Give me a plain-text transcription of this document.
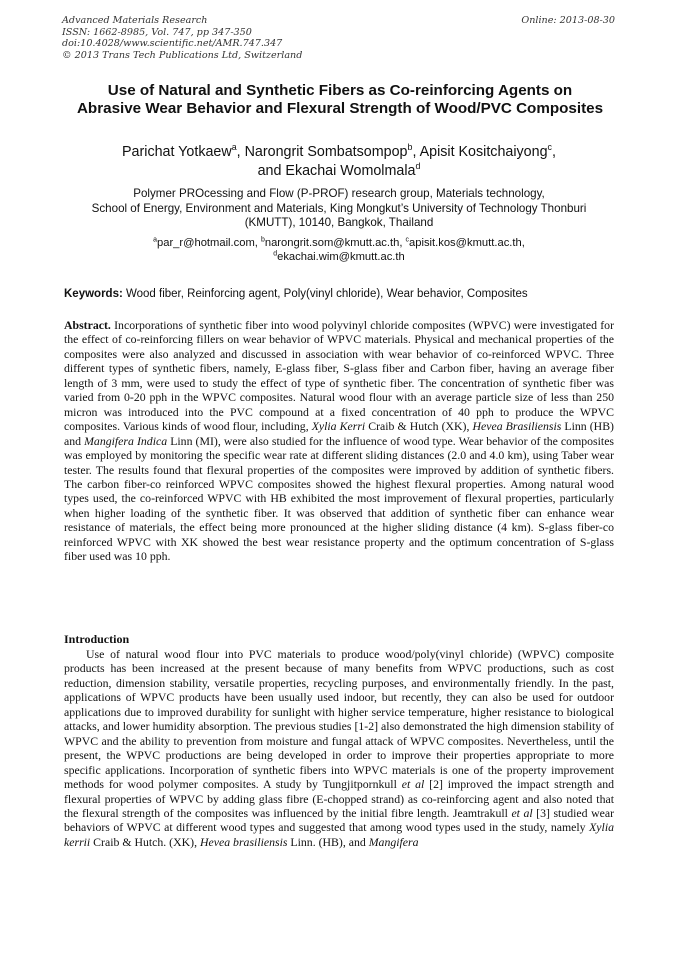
Advanced Materials Research
ISSN: 1662-8985, Vol. 747, pp 347-350
doi:10.4028/www.scientific.net/AMR.747.347
© 2013 Trans Tech Publications Ltd, Switzerland
Online: 2013-08-30
Use of Natural and Synthetic Fibers as Co-reinforcing Agents on Abrasive Wear Behavior and Flexural Strength of Wood/PVC Composites
Parichat Yotkaew$^a$, Narongrit Sombatsompop$^b$, Apisit Kositchaiyong$^c$,
and Ekachai Womolmala$^d$
Polymer PROcessing and Flow (P-PROF) research group, Materials technology,
School of Energy, Environment and Materials, King Mongkut’s University of Technology Thonburi
(KMUTT), 10140, Bangkok, Thailand
$^a$par_r@hotmail.com, $^b$narongrit.som@kmutt.ac.th, $^c$apisit.kos@kmutt.ac.th,
$^d$ekachai.wim@kmutt.ac.th
Keywords: Wood fiber, Reinforcing agent, Poly(vinyl chloride), Wear behavior, Composites
Abstract. Incorporations of synthetic fiber into wood polyvinyl chloride composites (WPVC) were investigated for the effect of co-reinforcing fillers on wear behavior of WPVC materials. Physical and mechanical properties of the composites were also analyzed and discussed in association with wear behavior of co-reinforced WPVC. Three different types of synthetic fibers, namely, E-glass fiber, S-glass fiber and Carbon fiber, having an average fiber length of 3 mm, were used to study the effect of type of synthetic fiber. The concentration of synthetic fiber was varied from 0-20 pph in the WPVC composites. Natural wood flour with an average particle size of less than 250 micron was introduced into the PVC compound at a fixed concentration of 40 pph to produce the WPVC composites. Various kinds of wood flour, including, Xylia Kerri Craib & Hutch (XK), Hevea Brasiliensis Linn (HB) and Mangifera Indica Linn (MI), were also studied for the influence of wood type. Wear behavior of the composites was employed by monitoring the specific wear rate at different sliding distances (2.0 and 4.0 km), using Taber wear tester. The results found that flexural properties of the composites were improved by addition of synthetic fibers. The carbon fiber-co reinforced WPVC composites showed the highest flexural properties. Among natural wood types used, the co-reinforced WPVC with HB exhibited the most improvement of flexural properties, particularly when higher loading of the synthetic fiber. It was observed that addition of synthetic fiber can enhance wear resistance of materials, the effect being more pronounced at the higher sliding distance (4 km). S-glass fiber-co reinforced WPVC with XK showed the best wear resistance property and the optimum concentration of S-glass fiber used was 10 pph.
Introduction
Use of natural wood flour into PVC materials to produce wood/poly(vinyl chloride) (WPVC) composite products has been increased at the present because of many benefits from WPVC productions, such as cost reduction, dimension stability, versatile properties, recycling purposes, and environmentally friendly. In the past, applications of WPVC products have been usually used indoor, but recently, they can also be used for outdoor applications due to improved durability for sunlight with higher service temperature, higher resistance to biological attacks, and lower humidity absorption. The previous studies [1-2] also demonstrated the high dimension stability of WPVC and the ability to prevention from moisture and fungal attack of WPVC composites. Nevertheless, until the present, the WPVC productions are being developed in order to improve their properties appropriate to more specific applications. Incorporation of synthetic fibers into WPVC materials is one of the property improvement methods for wood polymer composites. A study by Tungjitpornkull et al [2] improved the impact strength and flexural properties of WPVC by adding glass fibre (E-chopped strand) as co-reinforcing agent and also noted that the flexural strength of the composites was influenced by the initial fibre length. Jeamtrakull et al [3] studied wear behaviors of WPVC at different wood types and suggested that among wood types used in the study, namely Xylia kerrii Craib & Hutch. (XK), Hevea brasiliensis Linn. (HB), and Mangifera
